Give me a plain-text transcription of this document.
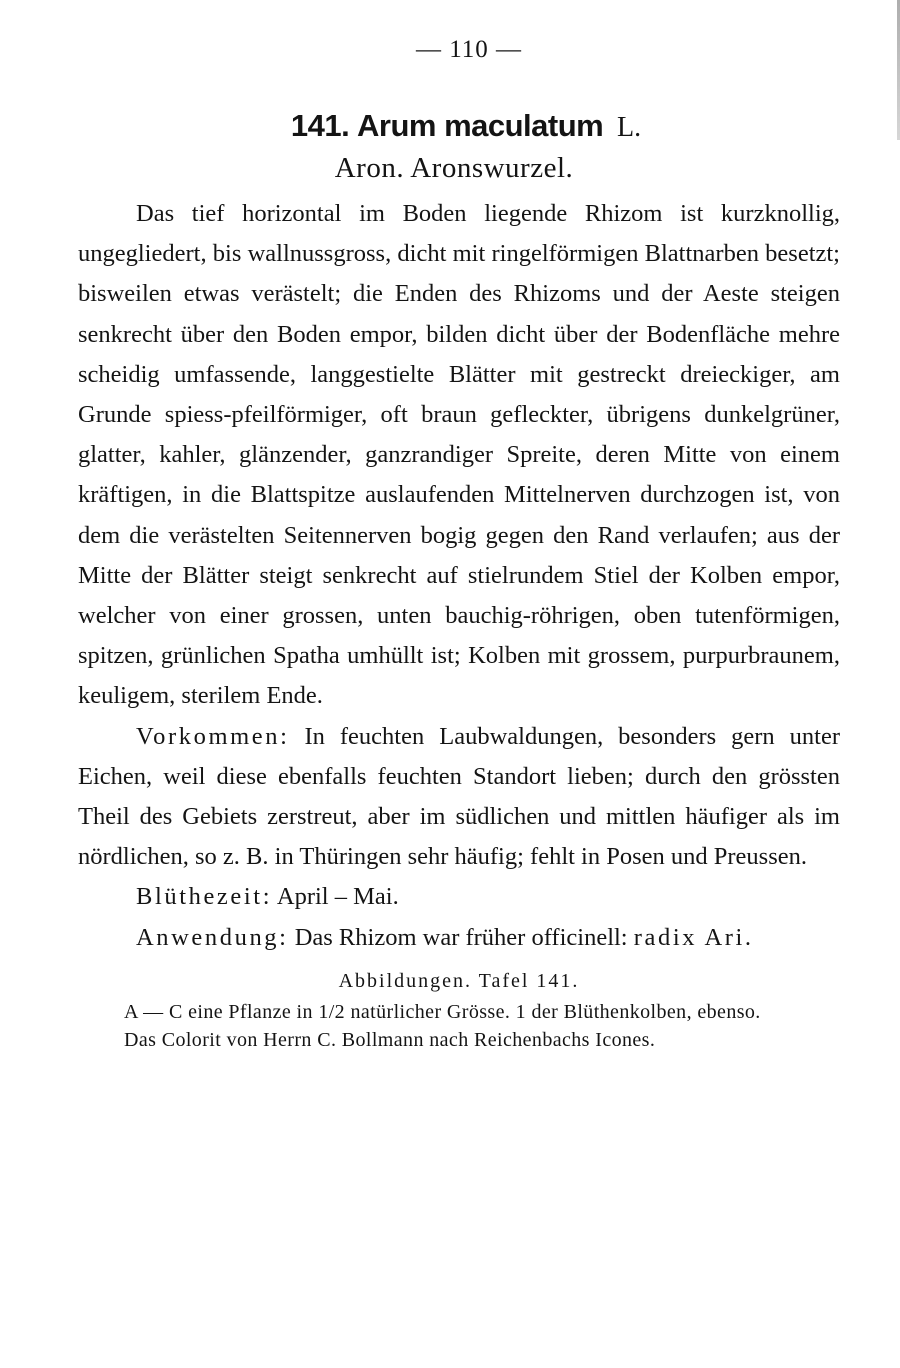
— 110 —
141. Arum maculatum L.
Aron. Aronswurzel.

Das tief horizontal im Boden liegende Rhizom ist kurzknollig, ungegliedert, bis wallnussgross, dicht mit ringelförmigen Blattnarben besetzt; bisweilen etwas verästelt; die Enden des Rhizoms und der Aeste steigen senkrecht über den Boden empor, bilden dicht über der Bodenfläche mehre scheidig umfassende, langgestielte Blätter mit gestreckt dreieckiger, am Grunde spiess-pfeilförmiger, oft braun gefleckter, übrigens dunkelgrüner, glatter, kahler, glänzender, ganzrandiger Spreite, deren Mitte von einem kräftigen, in die Blattspitze auslaufenden Mittelnerven durchzogen ist, von dem die verästelten Seitennerven bogig gegen den Rand verlaufen; aus der Mitte der Blätter steigt senkrecht auf stielrundem Stiel der Kolben empor, welcher von einer grossen, unten bauchig-röhrigen, oben tutenförmigen, spitzen, grünlichen Spatha umhüllt ist; Kolben mit grossem, purpurbraunem, keuligem, sterilem Ende.

Vorkommen: In feuchten Laubwaldungen, besonders gern unter Eichen, weil diese ebenfalls feuchten Standort lieben; durch den grössten Theil des Gebiets zerstreut, aber im südlichen und mittlen häufiger als im nördlichen, so z. B. in Thüringen sehr häufig; fehlt in Posen und Preussen.

Blüthezeit: April – Mai.

Anwendung: Das Rhizom war früher officinell: radix Ari.

Abbildungen. Tafel 141.

A — C eine Pflanze in 1/2 natürlicher Grösse. 1 der Blüthenkolben, ebenso.

Das Colorit von Herrn C. Bollmann nach Reichenbachs Icones.
